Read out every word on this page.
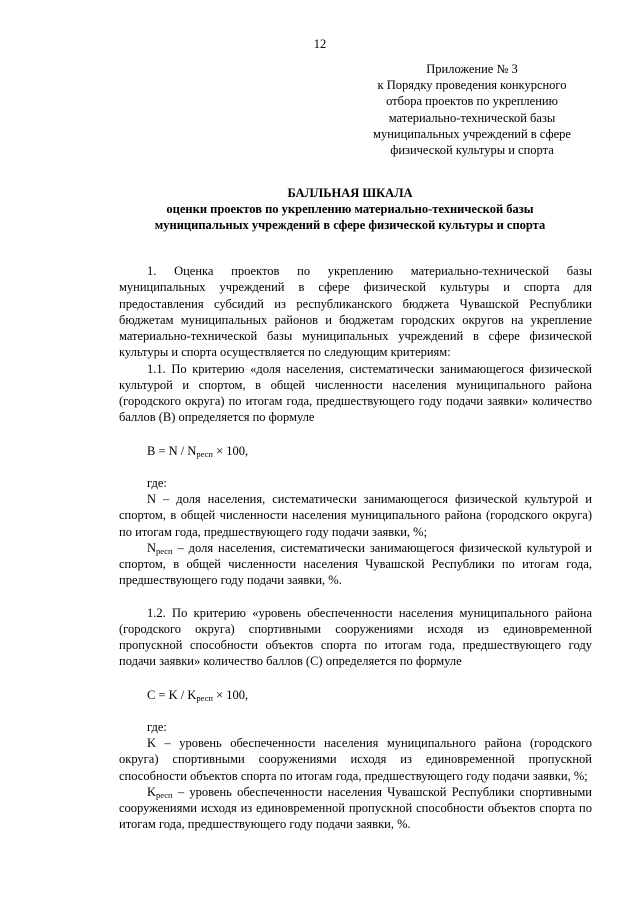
12
Приложение № 3
к Порядку проведения конкурсного
отбора проектов по укреплению
материально-технической базы
муниципальных учреждений в сфере
физической культуры и спорта
БАЛЛЬНАЯ ШКАЛА
оценки проектов по укреплению материально-технической базы
муниципальных учреждений в сфере физической культуры и спорта

1. Оценка проектов по укреплению материально-технической базы муниципальных учреждений в сфере физической культуры и спорта для предоставления субсидий из республиканского бюджета Чувашской Республики бюджетам муниципальных районов и бюджетам городских округов на укрепление материально-технической базы муниципальных учреждений в сфере физической культуры и спорта осуществляется по следующим критериям:

1.1. По критерию «доля населения, систематически занимающегося физической культурой и спортом, в общей численности населения муниципального района (городского округа) по итогам года, предшествующего году подачи заявки» количество баллов (B) определяется по формуле

$B = N / N_{респ} \times 100$,

где:

N – доля населения, систематически занимающегося физической культурой и спортом, в общей численности населения муниципального района (городского округа) по итогам года, предшествующего году подачи заявки, %;

$N_{респ}$ – доля населения, систематически занимающегося физической культурой и спортом, в общей численности населения Чувашской Республики по итогам года, предшествующего году подачи заявки, %.

1.2. По критерию «уровень обеспеченности населения муниципального района (городского округа) спортивными сооружениями исходя из единовременной пропускной способности объектов спорта по итогам года, предшествующего году подачи заявки» количество баллов (C) определяется по формуле

$C = K / K_{респ} \times 100$,

где:

K – уровень обеспеченности населения муниципального района (городского округа) спортивными сооружениями исходя из единовременной пропускной способности объектов спорта по итогам года, предшествующего году подачи заявки, %;

$K_{респ}$ – уровень обеспеченности населения Чувашской Республики спортивными сооружениями исходя из единовременной пропускной способности объектов спорта по итогам года, предшествующего году подачи заявки, %.
